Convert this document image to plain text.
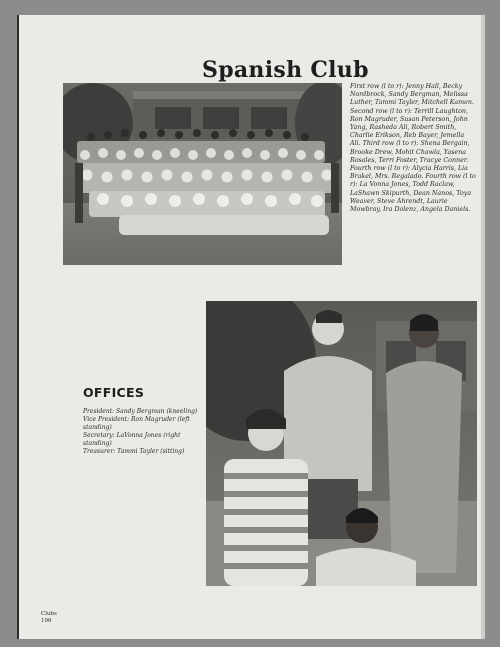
Spanish Club
First row (l to r): Jenny Hall, Becky Nordbrock, Sandy Bergman, Melissa Luther, Tammi Tayler, Mitchell Kamen. Second row (l to r): Terrill Laughton, Ron Magruder, Susan Peterson, John Yang, Rasheda Ali, Robert Smith, Charlie Erikson, Reb Bayer, Jemella Ali. Third row (l to r): Shena Bergain, Brooke Drew, Mohit Chawla, Yasena Rosales, Terri Foster, Tracye Conner. Fourth row (l to r): Alycia Harris, Lia Brakel, Mrs. Regalado. Fourth row (l to r): La Vonna Jones, Todd Raclaw, LaShawn Skipurth, Dean Nanos, Toya Weaver, Steve Ahrendt, Laurie Mowbray, Ira Dolenz, Angela Daniels.
OFFICES
President: Sandy Bergman (kneeling)
Vice President: Ron Magruder (left standing)
Secretary: LaVonna Jones (right standing)
Treasurer: Tammi Tayler (sitting)
Clubs
196
